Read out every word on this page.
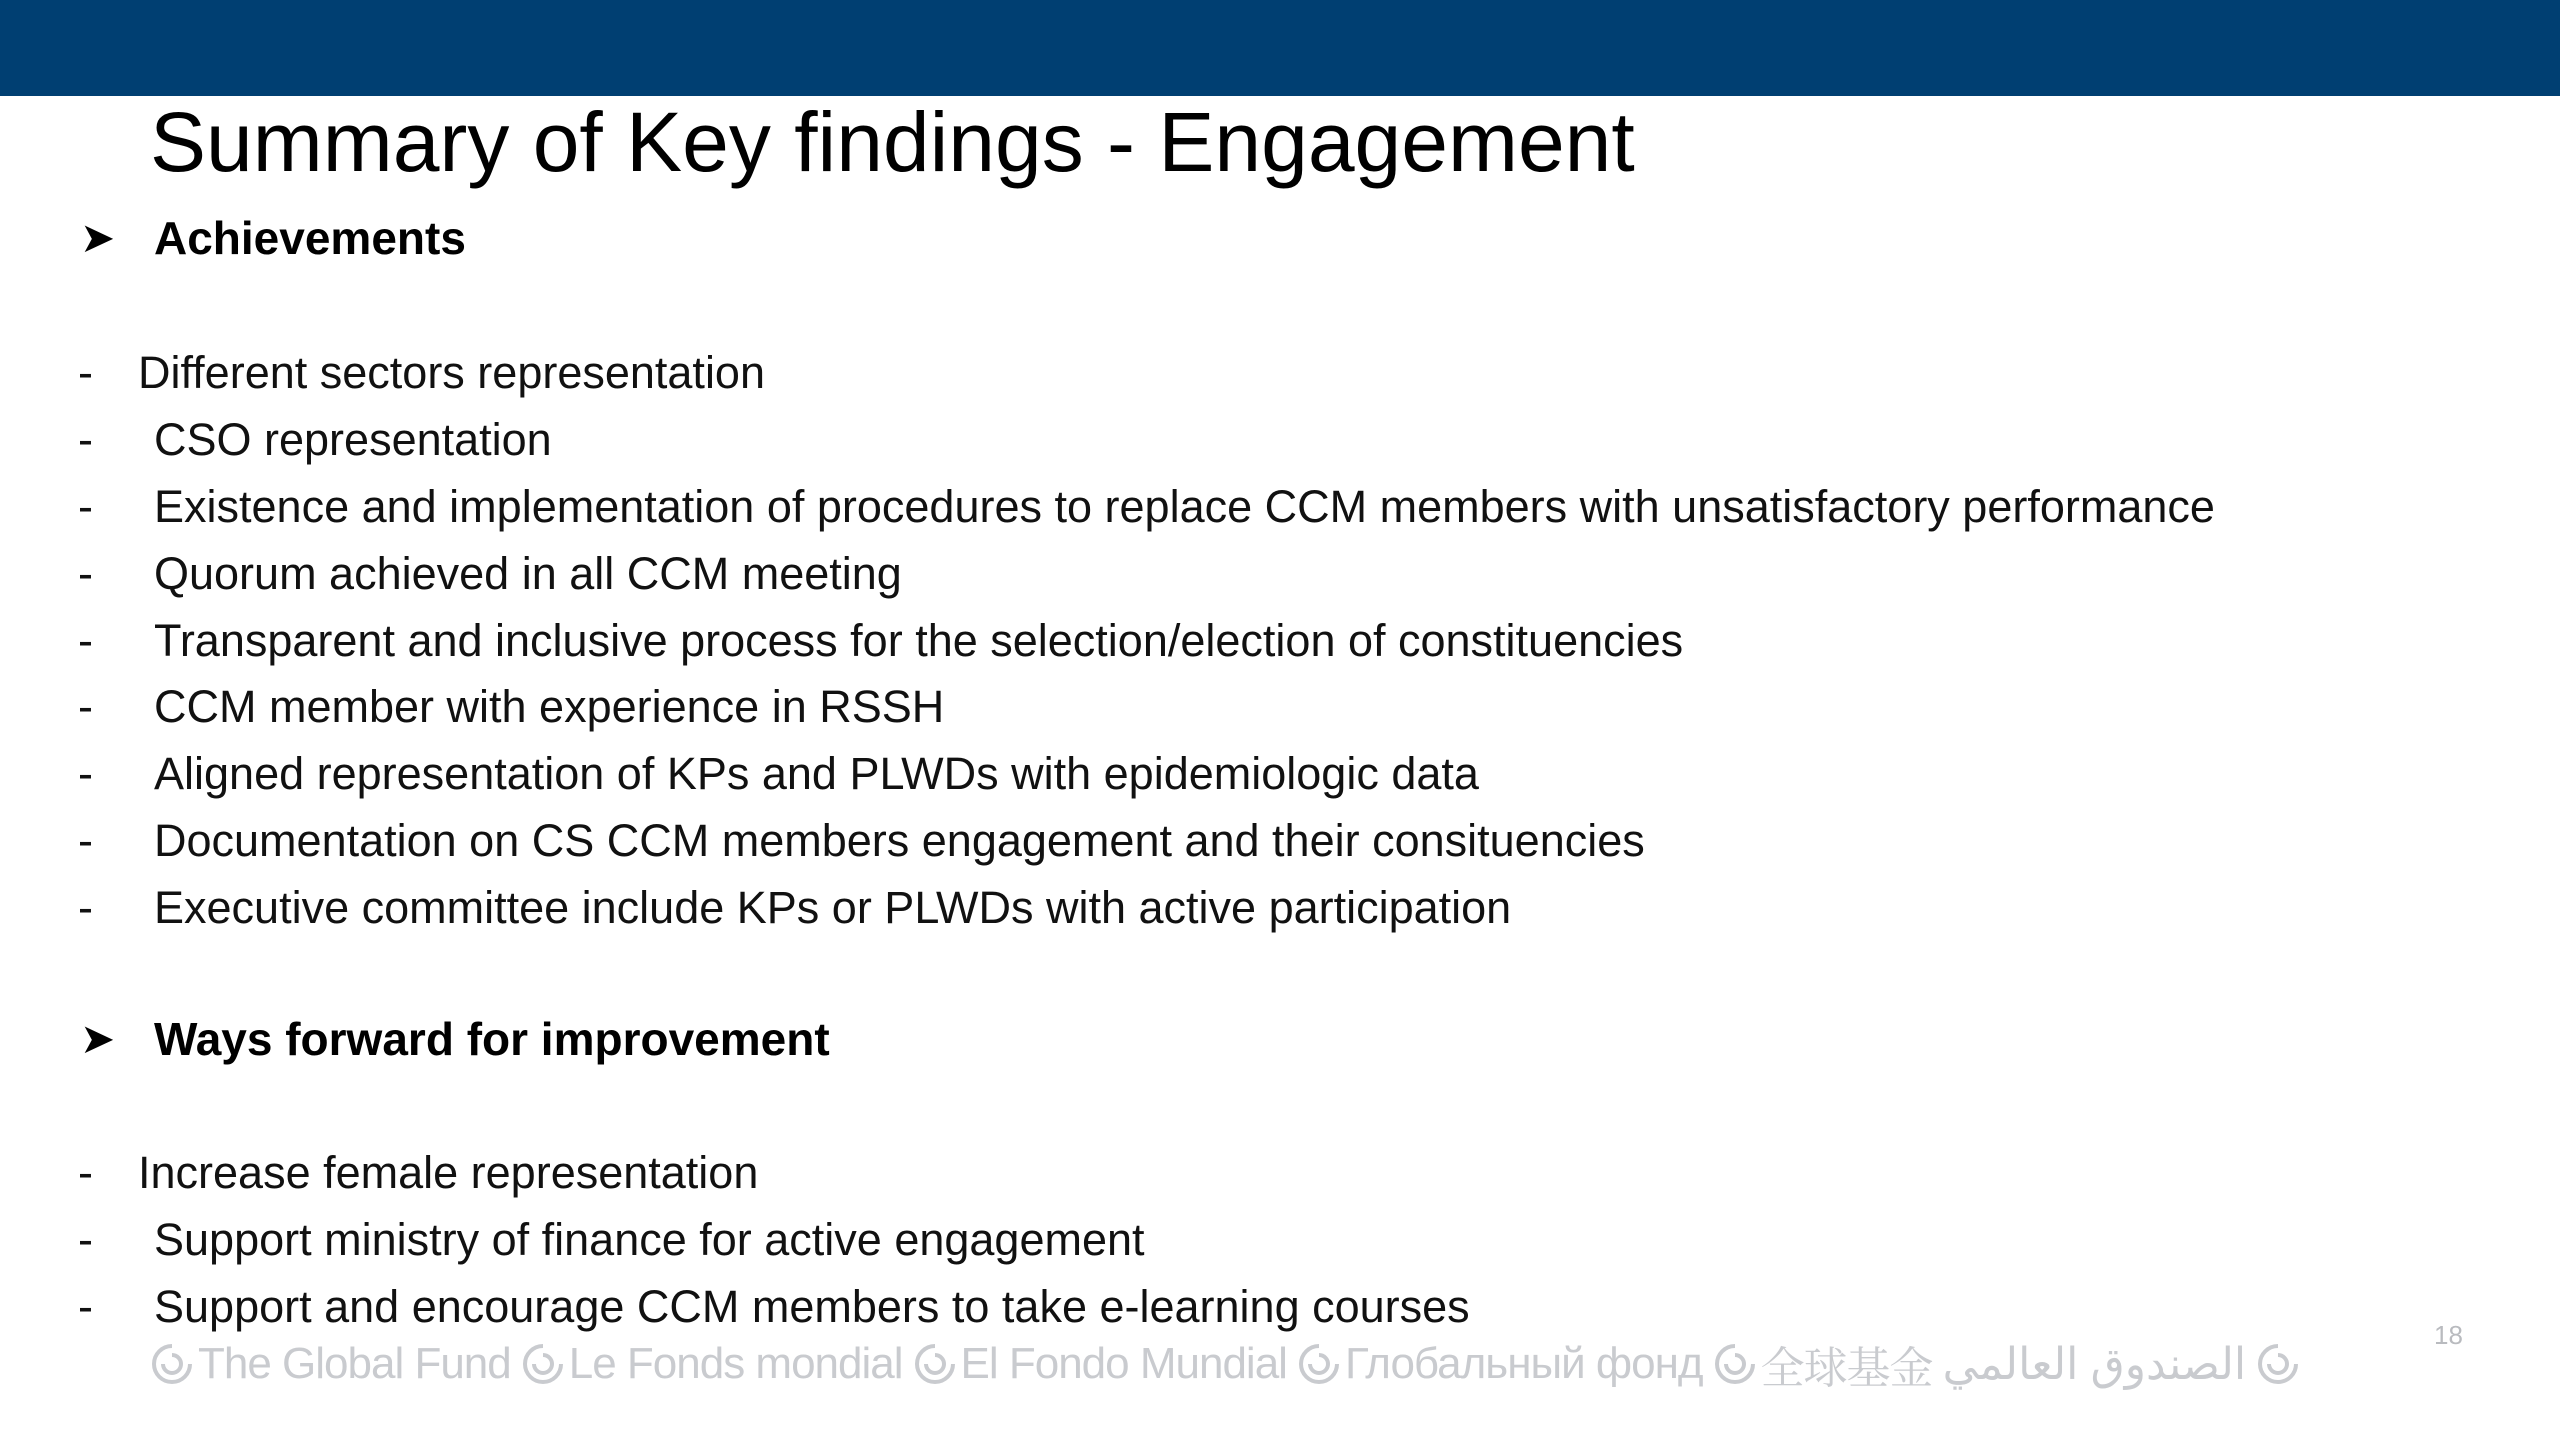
Summary of Key findings - Engagement
➤ Achievements
-	Different sectors representation
-	CSO representation
-	Existence and implementation of procedures to replace CCM members with unsatisfactory performance
-	Quorum achieved in all CCM meeting
-	Transparent and inclusive process for the selection/election of constituencies
-	CCM member with experience in RSSH
-	Aligned representation of KPs and PLWDs with epidemiologic data
-	Documentation on CS CCM members engagement and their consituencies
-	Executive committee include KPs or PLWDs with active participation
➤ Ways forward for improvement
-	Increase female representation
-	Support ministry of finance for active engagement
-	Support and encourage CCM members to take e-learning courses
The Global Fund Le Fonds mondial El Fondo Mundial Глобальный фонд 全球基金 الصندوق العالمي
18
